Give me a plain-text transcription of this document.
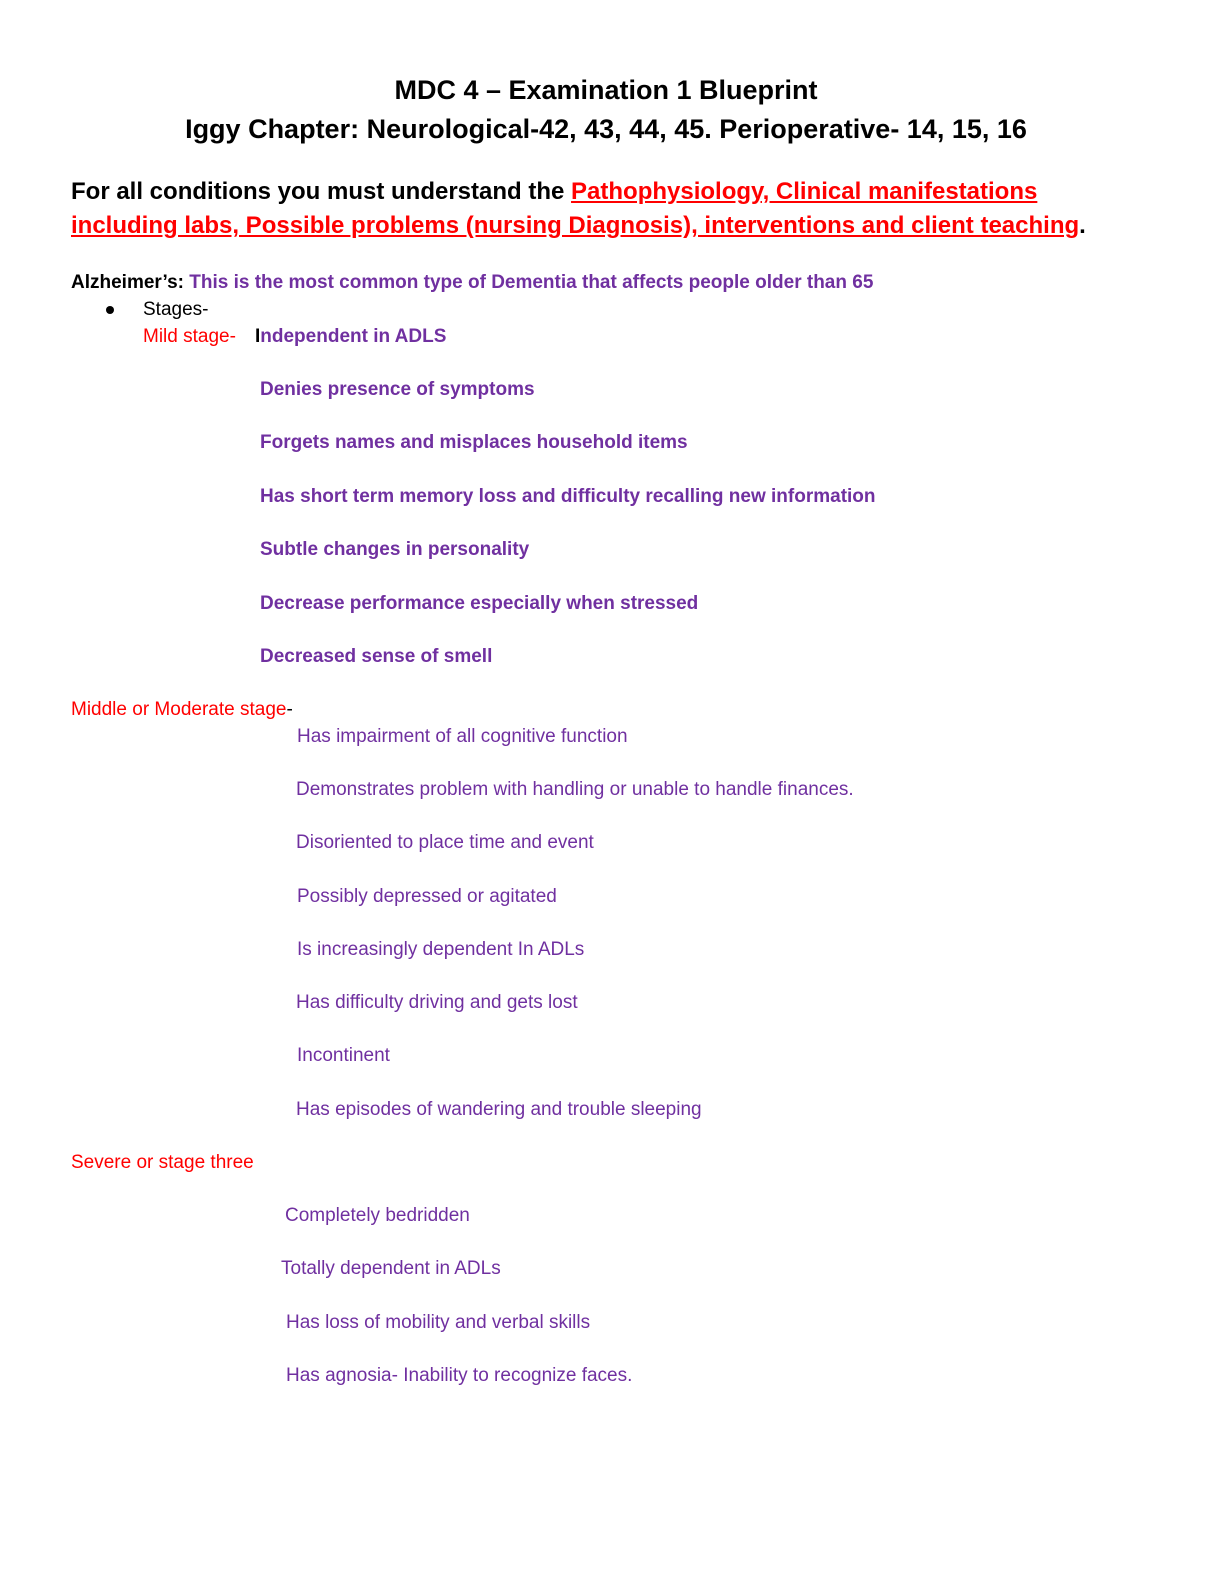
MDC 4 – Examination 1 Blueprint
Iggy Chapter: Neurological-42, 43, 44, 45. Perioperative- 14, 15, 16
For all conditions you must understand the Pathophysiology, Clinical manifestations
including labs, Possible problems (nursing Diagnosis), interventions and client teaching.
Alzheimer’s: This is the most common type of Dementia that affects people older than 65
Stages-
Mild stage- Independent in ADLS
Denies presence of symptoms
Forgets names and misplaces household items
Has short term memory loss and difficulty recalling new information
Subtle changes in personality
Decrease performance especially when stressed
Decreased sense of smell
Middle or Moderate stage-
Has impairment of all cognitive function
Demonstrates problem with handling or unable to handle finances.
Disoriented to place time and event
Possibly depressed or agitated
Is increasingly dependent In ADLs
Has difficulty driving and gets lost
Incontinent
Has episodes of wandering and trouble sleeping
Severe or stage three
Completely bedridden
Totally dependent in ADLs
Has loss of mobility and verbal skills
Has agnosia- Inability to recognize faces.
